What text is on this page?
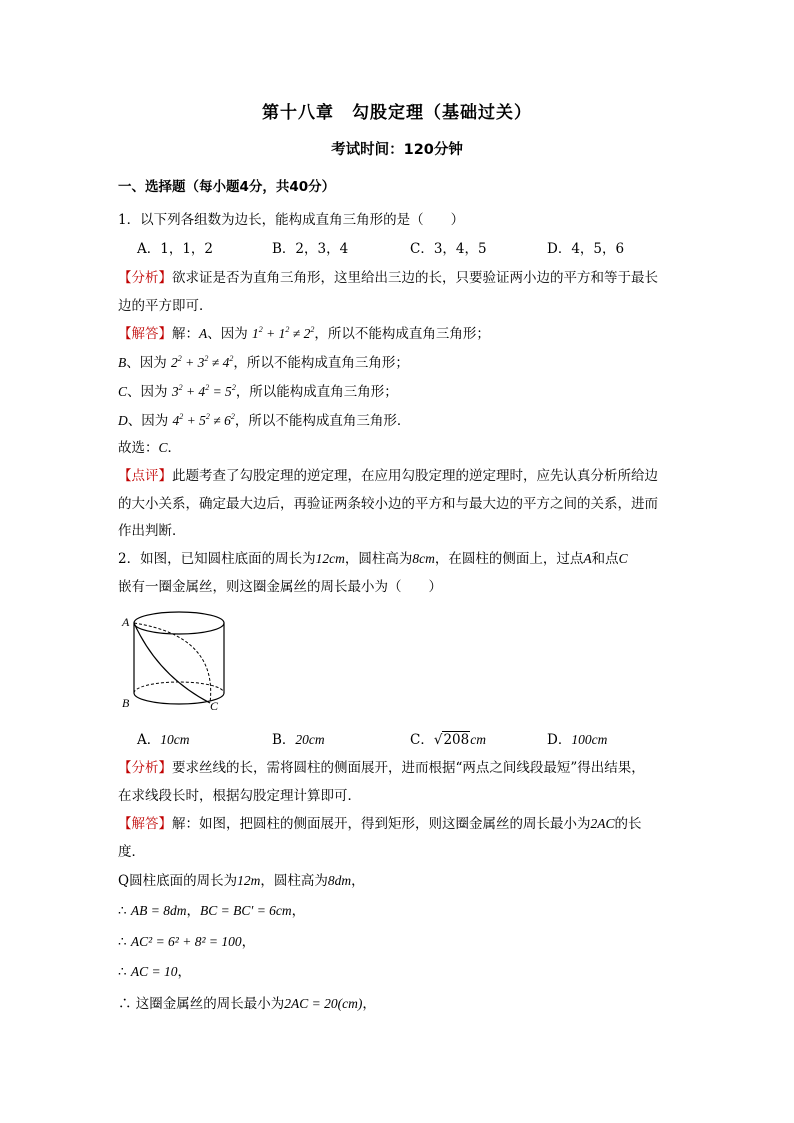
第十八章　勾股定理（基础过关）
考试时间：120分钟
一、选择题（每小题4分，共40分）
1．以下列各组数为边长，能构成直角三角形的是（　　）
A．1，1，2	B．2，3，4	C．3，4，5	D．4，5，6
【分析】欲求证是否为直角三角形，这里给出三边的长，只要验证两小边的平方和等于最长
边的平方即可．
【解答】解：A、因为 $1^2 + 1^2 \ne 2^2$，所以不能构成直角三角形；
B、因为 $2^2 + 3^2 \ne 4^2$，所以不能构成直角三角形；
C、因为 $3^2 + 4^2 = 5^2$，所以能构成直角三角形；
D、因为 $4^2 + 5^2 \ne 6^2$，所以不能构成直角三角形．
故选：C．
【点评】此题考查了勾股定理的逆定理，在应用勾股定理的逆定理时，应先认真分析所给边
的大小关系，确定最大边后，再验证两条较小边的平方和与最大边的平方之间的关系，进而
作出判断．
2．如图，已知圆柱底面的周长为12cm，圆柱高为8cm，在圆柱的侧面上，过点A和点C
嵌有一圈金属丝，则这圈金属丝的周长最小为（　　）
A
B	C
A．10cm	B．20cm	C．√208cm	D．100cm
【分析】要求丝线的长，需将圆柱的侧面展开，进而根据“两点之间线段最短”得出结果，
在求线段长时，根据勾股定理计算即可．
【解答】解：如图，把圆柱的侧面展开，得到矩形，则这圈金属丝的周长最小为2AC的长
度．
Q圆柱底面的周长为12m，圆柱高为8dm，
∴ AB = 8dm，BC = BC′ = 6cm，
∴ AC² = 6² + 8² = 100，
∴ AC = 10，
∴ 这圈金属丝的周长最小为2AC = 20(cm)，
